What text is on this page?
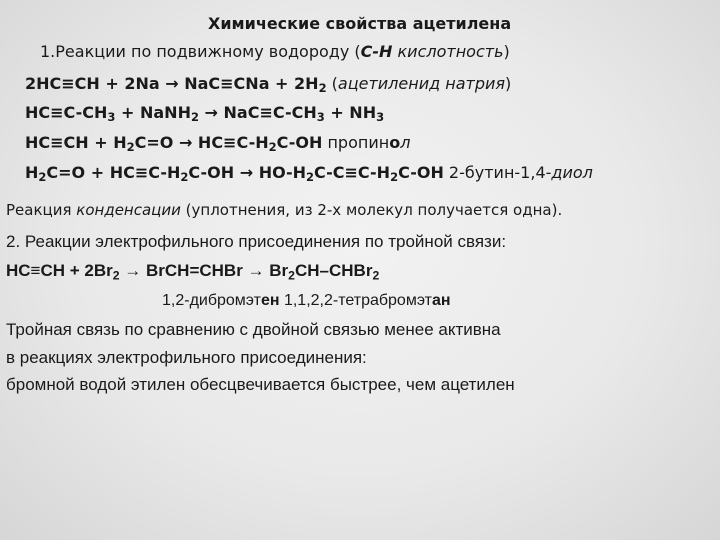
Химические свойства ацетилена
1.Реакции по подвижному водороду (С-Н кислотность)
$2HC\equiv CH + 2Na \to NaC\equiv CNa + 2H_2$ (ацетиленид натрия)
$HC\equiv C-CH_3$ + NaNH$_2$ → $NaC\equiv C-CH_3 + NH_3$
$HC\equiv CH + H_2C=O \to HC\equiv C-H_2C-OH$ пропинол
$H_2C=O + HC\equiv C-H_2C-OH \to HO-H_2C-C\equiv C-H_2C-OH$ 2-бутин-1,4-диол
Реакция конденсации (уплотнения, из 2-х молекул получается одна).
2. Реакции электрофильного присоединения по тройной связи:
$HC\equiv CH + 2Br_2$ → BrCH=CHBr → $Br_2CH-CHBr_2$
1,2-дибромэтен 1,1,2,2-тетрабромэтан
Тройная связь по сравнению с двойной связью менее активна
в реакциях электрофильного присоединения:
бромной водой этилен обесцвечивается быстрее, чем ацетилен
